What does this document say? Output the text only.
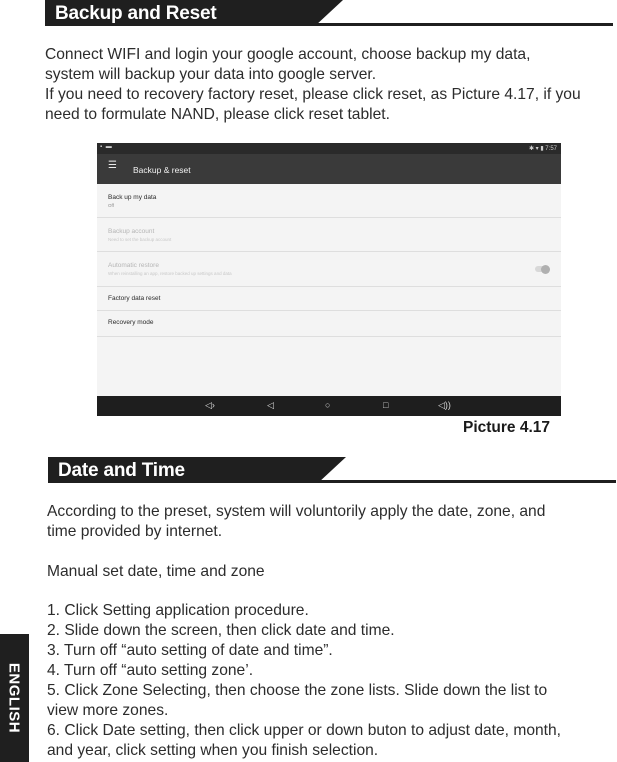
Backup and Reset
Connect WIFI and login your google account, choose backup my data,
system will backup your data into google server.
If you need to recovery factory reset, please click reset, as Picture 4.17, if you
need to formulate NAND, please click reset tablet.
▪ ▬	✱ ▾ ▮ 7:57
☰ Backup & reset
Back up my data
Off
Backup account
Need to set the backup account
Automatic restore
When reinstalling an app, restore backed up settings and data
Factory data reset
Recovery mode
◁›	◁	○	□	◁))
Picture 4.17
Date and Time
According to the preset, system will voluntorily apply the date, zone, and
time provided by internet.
Manual set date, time and zone
1. Click Setting application procedure.
2. Slide down the screen, then click date and time.
3. Turn off “auto setting of date and time”.
4. Turn off “auto setting zone’.
5. Click Zone Selecting, then choose the zone lists. Slide down the list to
view more zones.
6. Click Date setting, then click upper or down buton to adjust date, month,
and year, click setting when you finish selection.
ENGLISH
